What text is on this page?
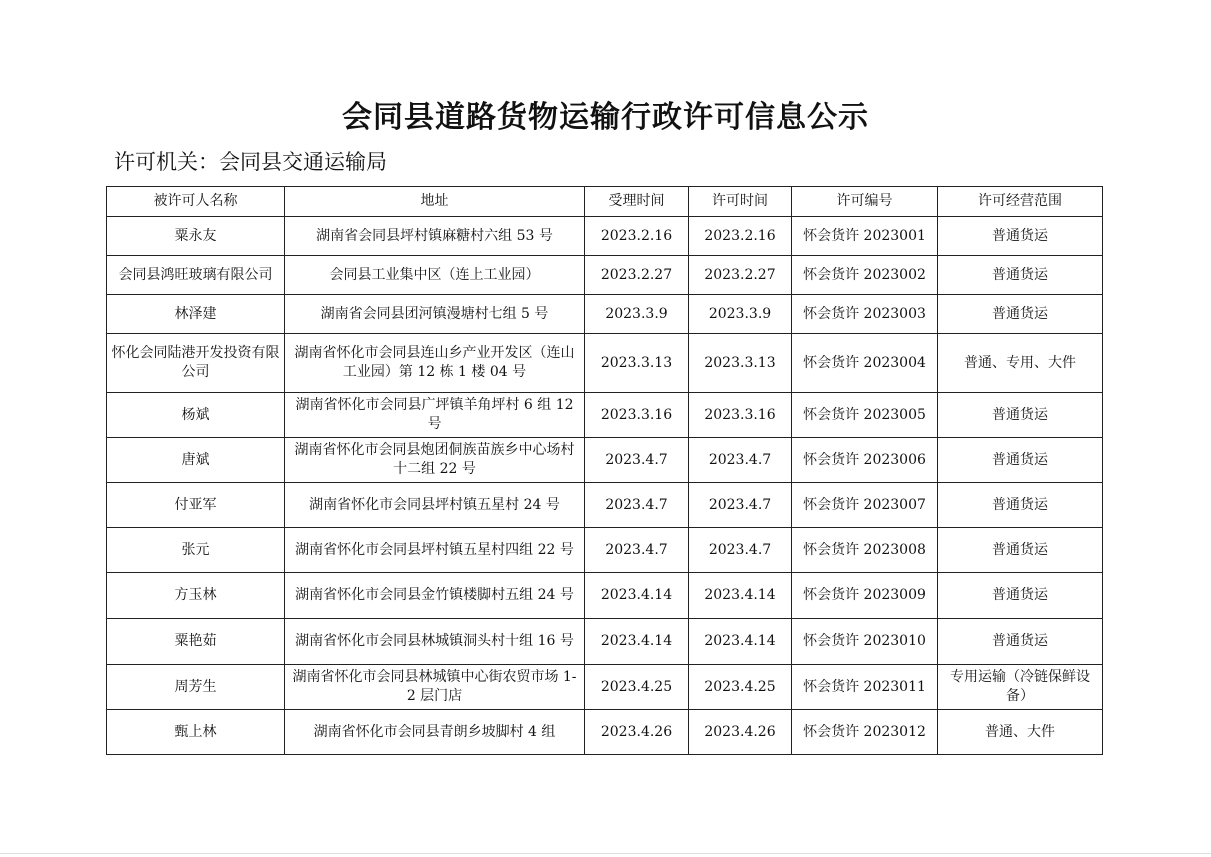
会同县道路货物运输行政许可信息公示
许可机关：会同县交通运输局
被许可人名称	地址	受理时间	许可时间	许可编号	许可经营范围
粟永友	湖南省会同县坪村镇麻糖村六组 53 号	2023.2.16	2023.2.16	怀会货许 2023001	普通货运
会同县鸿旺玻璃有限公司	会同县工业集中区（连上工业园）	2023.2.27	2023.2.27	怀会货许 2023002	普通货运
林泽建	湖南省会同县团河镇漫塘村七组 5 号	2023.3.9	2023.3.9	怀会货许 2023003	普通货运
怀化会同陆港开发投资有限公司	湖南省怀化市会同县连山乡产业开发区（连山工业园）第 12 栋 1 楼 04 号	2023.3.13	2023.3.13	怀会货许 2023004	普通、专用、大件
杨斌	湖南省怀化市会同县广坪镇羊角坪村 6 组 12 号	2023.3.16	2023.3.16	怀会货许 2023005	普通货运
唐斌	湖南省怀化市会同县炮团侗族苗族乡中心场村十二组 22 号	2023.4.7	2023.4.7	怀会货许 2023006	普通货运
付亚军	湖南省怀化市会同县坪村镇五星村 24 号	2023.4.7	2023.4.7	怀会货许 2023007	普通货运
张元	湖南省怀化市会同县坪村镇五星村四组 22 号	2023.4.7	2023.4.7	怀会货许 2023008	普通货运
方玉林	湖南省怀化市会同县金竹镇楼脚村五组 24 号	2023.4.14	2023.4.14	怀会货许 2023009	普通货运
粟艳茹	湖南省怀化市会同县林城镇洞头村十组 16 号	2023.4.14	2023.4.14	怀会货许 2023010	普通货运
周芳生	湖南省怀化市会同县林城镇中心街农贸市场 1-2 层门店	2023.4.25	2023.4.25	怀会货许 2023011	专用运输（冷链保鲜设备）
甄上林	湖南省怀化市会同县青朗乡坡脚村 4 组	2023.4.26	2023.4.26	怀会货许 2023012	普通、大件
